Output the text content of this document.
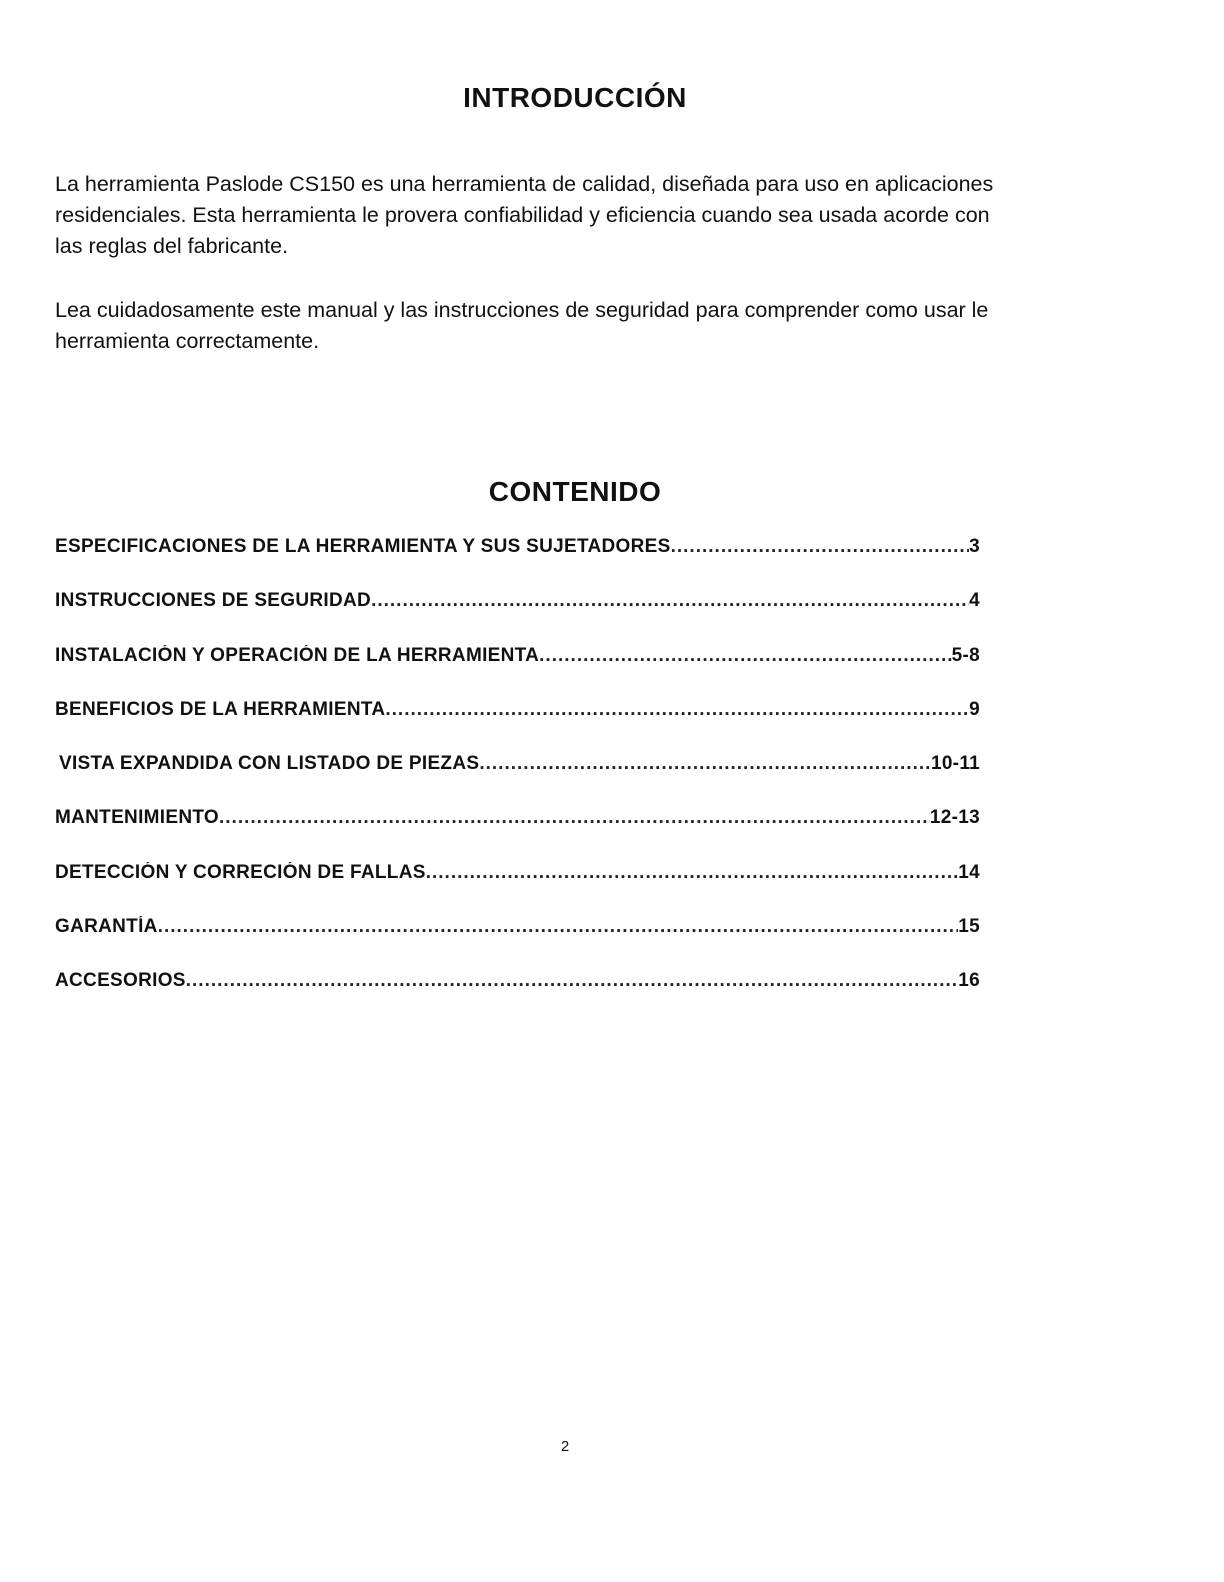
INTRODUCCIÓN

La herramienta Paslode CS150 es una herramienta de calidad, diseñada para uso en aplicaciones
residenciales. Esta herramienta le provera confiabilidad y eficiencia cuando sea usada acorde con
las reglas del fabricante.

Lea cuidadosamente este manual y las instrucciones de seguridad para comprender como usar le
herramienta correctamente.

CONTENIDO
ESPECIFICACIONES DE LA HERRAMIENTA Y SUS SUJETADORES .....	3
INSTRUCCIONES DE SEGURIDAD .....	4
INSTALACIÓN Y OPERACIÓN DE LA HERRAMIENTA .....	5-8
BENEFICIOS DE LA HERRAMIENTA .....	9
VISTA EXPANDIDA CON LISTADO DE PIEZAS .....	10-11
MANTENIMIENTO .....	12-13
DETECCIÓN Y CORRECIÓN DE FALLAS .....	14
GARANTÍA .....	15
ACCESORIOS .....	16

2
